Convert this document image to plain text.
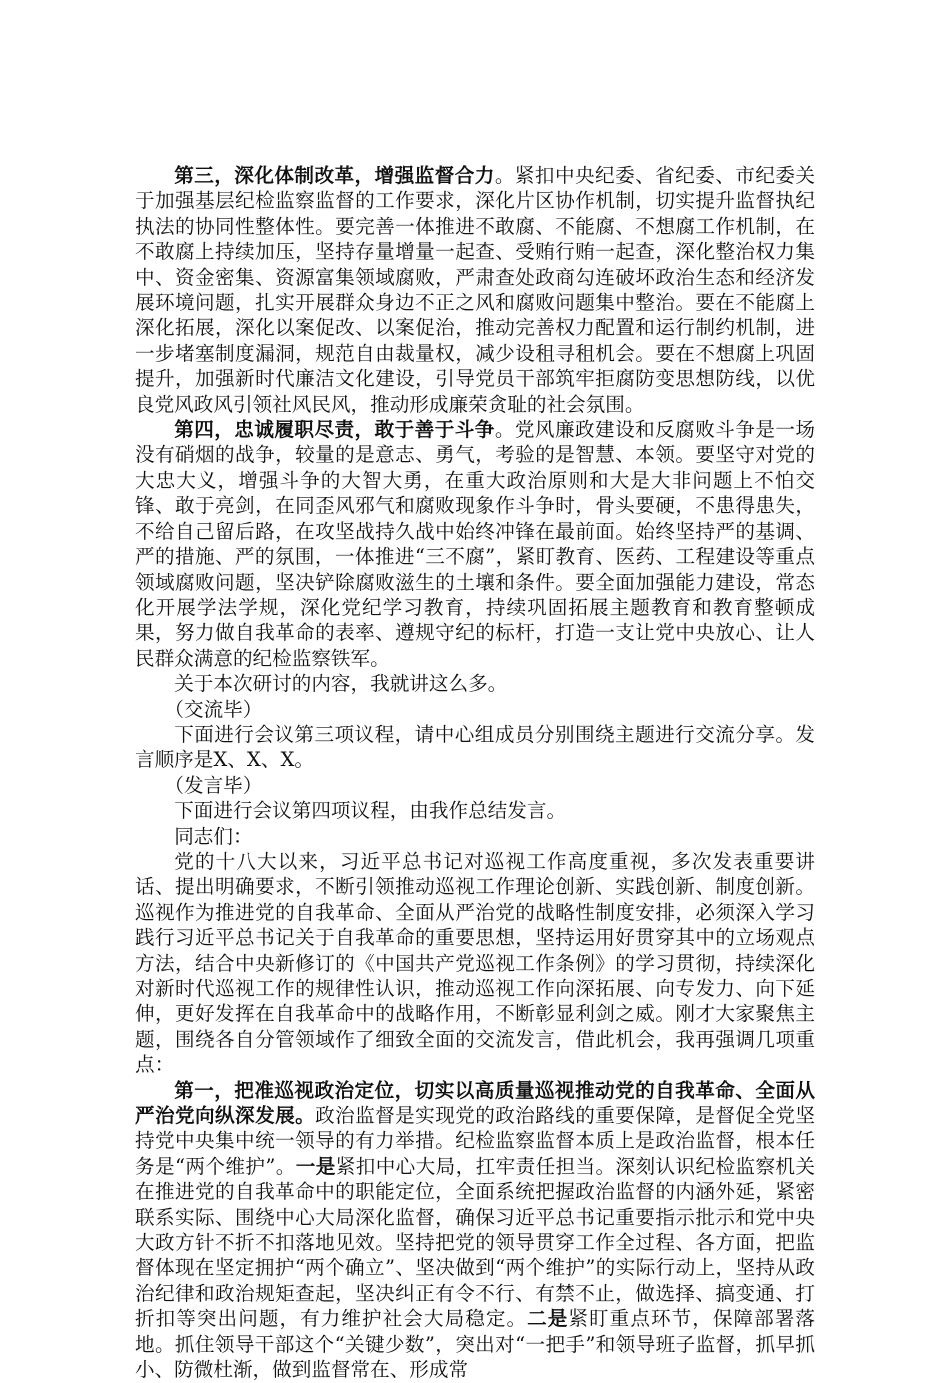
第三，深化体制改革，增强监督合力。紧扣中央纪委、省纪委、市纪委关于加强基层纪检监察监督的工作要求，深化片区协作机制，切实提升监督执纪执法的协同性整体性。要完善一体推进不敢腐、不能腐、不想腐工作机制，在不敢腐上持续加压，坚持存量增量一起查、受贿行贿一起查，深化整治权力集中、资金密集、资源富集领域腐败，严肃查处政商勾连破坏政治生态和经济发展环境问题，扎实开展群众身边不正之风和腐败问题集中整治。要在不能腐上深化拓展，深化以案促改、以案促治，推动完善权力配置和运行制约机制，进一步堵塞制度漏洞，规范自由裁量权，减少设租寻租机会。要在不想腐上巩固提升，加强新时代廉洁文化建设，引导党员干部筑牢拒腐防变思想防线，以优良党风政风引领社风民风，推动形成廉荣贪耻的社会氛围。

第四，忠诚履职尽责，敢于善于斗争。党风廉政建设和反腐败斗争是一场没有硝烟的战争，较量的是意志、勇气，考验的是智慧、本领。要坚守对党的大忠大义，增强斗争的大智大勇，在重大政治原则和大是大非问题上不怕交锋、敢于亮剑，在同歪风邪气和腐败现象作斗争时，骨头要硬，不患得患失，不给自己留后路，在攻坚战持久战中始终冲锋在最前面。始终坚持严的基调、严的措施、严的氛围，一体推进“三不腐”，紧盯教育、医药、工程建设等重点领域腐败问题，坚决铲除腐败滋生的土壤和条件。要全面加强能力建设，常态化开展学法学规，深化党纪学习教育，持续巩固拓展主题教育和教育整顿成果，努力做自我革命的表率、遵规守纪的标杆，打造一支让党中央放心、让人民群众满意的纪检监察铁军。

关于本次研讨的内容，我就讲这么多。

（交流毕）

下面进行会议第三项议程，请中心组成员分别围绕主题进行交流分享。发言顺序是X、X、X。

（发言毕）

下面进行会议第四项议程，由我作总结发言。

同志们：

党的十八大以来，习近平总书记对巡视工作高度重视，多次发表重要讲话、提出明确要求，不断引领推动巡视工作理论创新、实践创新、制度创新。巡视作为推进党的自我革命、全面从严治党的战略性制度安排，必须深入学习践行习近平总书记关于自我革命的重要思想，坚持运用好贯穿其中的立场观点方法，结合中央新修订的《中国共产党巡视工作条例》的学习贯彻，持续深化对新时代巡视工作的规律性认识，推动巡视工作向深拓展、向专发力、向下延伸，更好发挥在自我革命中的战略作用，不断彰显利剑之威。刚才大家聚焦主题，围绕各自分管领域作了细致全面的交流发言，借此机会，我再强调几项重点：

第一，把准巡视政治定位，切实以高质量巡视推动党的自我革命、全面从严治党向纵深发展。政治监督是实现党的政治路线的重要保障，是督促全党坚持党中央集中统一领导的有力举措。纪检监察监督本质上是政治监督，根本任务是“两个维护”。一是紧扣中心大局，扛牢责任担当。深刻认识纪检监察机关在推进党的自我革命中的职能定位，全面系统把握政治监督的内涵外延，紧密联系实际、围绕中心大局深化监督，确保习近平总书记重要指示批示和党中央大政方针不折不扣落地见效。坚持把党的领导贯穿工作全过程、各方面，把监督体现在坚定拥护“两个确立”、坚决做到“两个维护”的实际行动上，坚持从政治纪律和政治规矩查起，坚决纠正有令不行、有禁不止，做选择、搞变通、打折扣等突出问题，有力维护社会大局稳定。二是紧盯重点环节，保障部署落地。抓住领导干部这个“关键少数”，突出对“一把手”和领导班子监督，抓早抓小、防微杜渐，做到监督常在、形成常
